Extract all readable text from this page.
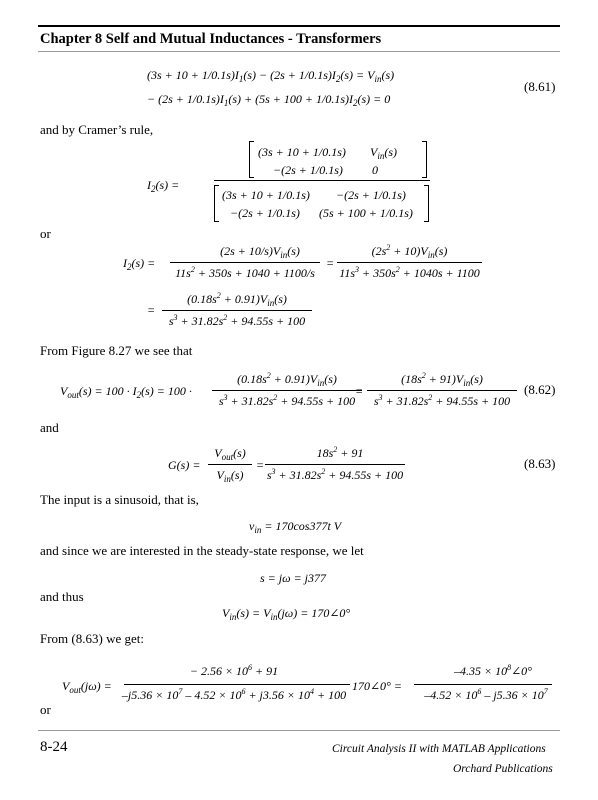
Chapter 8 Self and Mutual Inductances - Transformers
$(3s + 10 + 1/0.1s)I_1(s) - (2s + 1/0.1s)I_2(s) = V_{in}(s)$
− $(2s + 1/0.1s)I_1(s) + (5s + 100 + 1/0.1s)I_2(s) = 0$
(8.61)
and by Cramer’s rule,
$I_2(s)$ =
(3s + 10 + 1/0.1s) $V_{in}(s)$
−(2s + 1/0.1s) 0
(3s + 10 + 1/0.1s) −(2s + 1/0.1s)
−(2s + 1/0.1s) (5s + 100 + 1/0.1s)
or
$I_2(s)$ =
$(2s + 10/s)V_{in}(s)$
$11s^2 + 350s + 1040 + 1100/s$
=
$(2s^2 + 10)V_{in}(s)$
$11s^3 + 350s^2 + 1040s + 1100$
=
$(0.18s^2 + 0.91)V_{in}(s)$
$s^3 + 31.82s^2 + 94.55s + 100$
From Figure 8.27 we see that
$V_{out}(s) = 100 \cdot I_2(s) = 100$ ·
$(0.18s^2 + 0.91)V_{in}(s)$
$s^3 + 31.82s^2 + 94.55s + 100$
=
$(18s^2 + 91)V_{in}(s)$
$s^3 + 31.82s^2 + 94.55s + 100$
(8.62)
and
G(s) =
$V_{out}(s)$
$V_{in}(s)$
=
$18s^2 + 91$
$s^3 + 31.82s^2 + 94.55s + 100$
(8.63)
The input is a sinusoid, that is,
$v_{in} = 170\cos 377t$ V
and since we are interested in the steady-state response, we let
s = jω = j377
and thus
$V_{in}(s) = V_{in}(j\omega)$ = 170∠0°
From (8.63) we get:
$V_{out}(j\omega)$ =
− $2.56 \times 10^6 + 91$
$-j5.36 \times 10^7 - 4.52 \times 10^6 + j3.56 \times 10^4 + 100$
170∠0° =
$-4.35 \times 10^8\angle 0^\circ$
$-4.52 \times 10^6 - j5.36 \times 10^7$
or
8-24	Circuit Analysis II with MATLAB Applications
Orchard Publications
